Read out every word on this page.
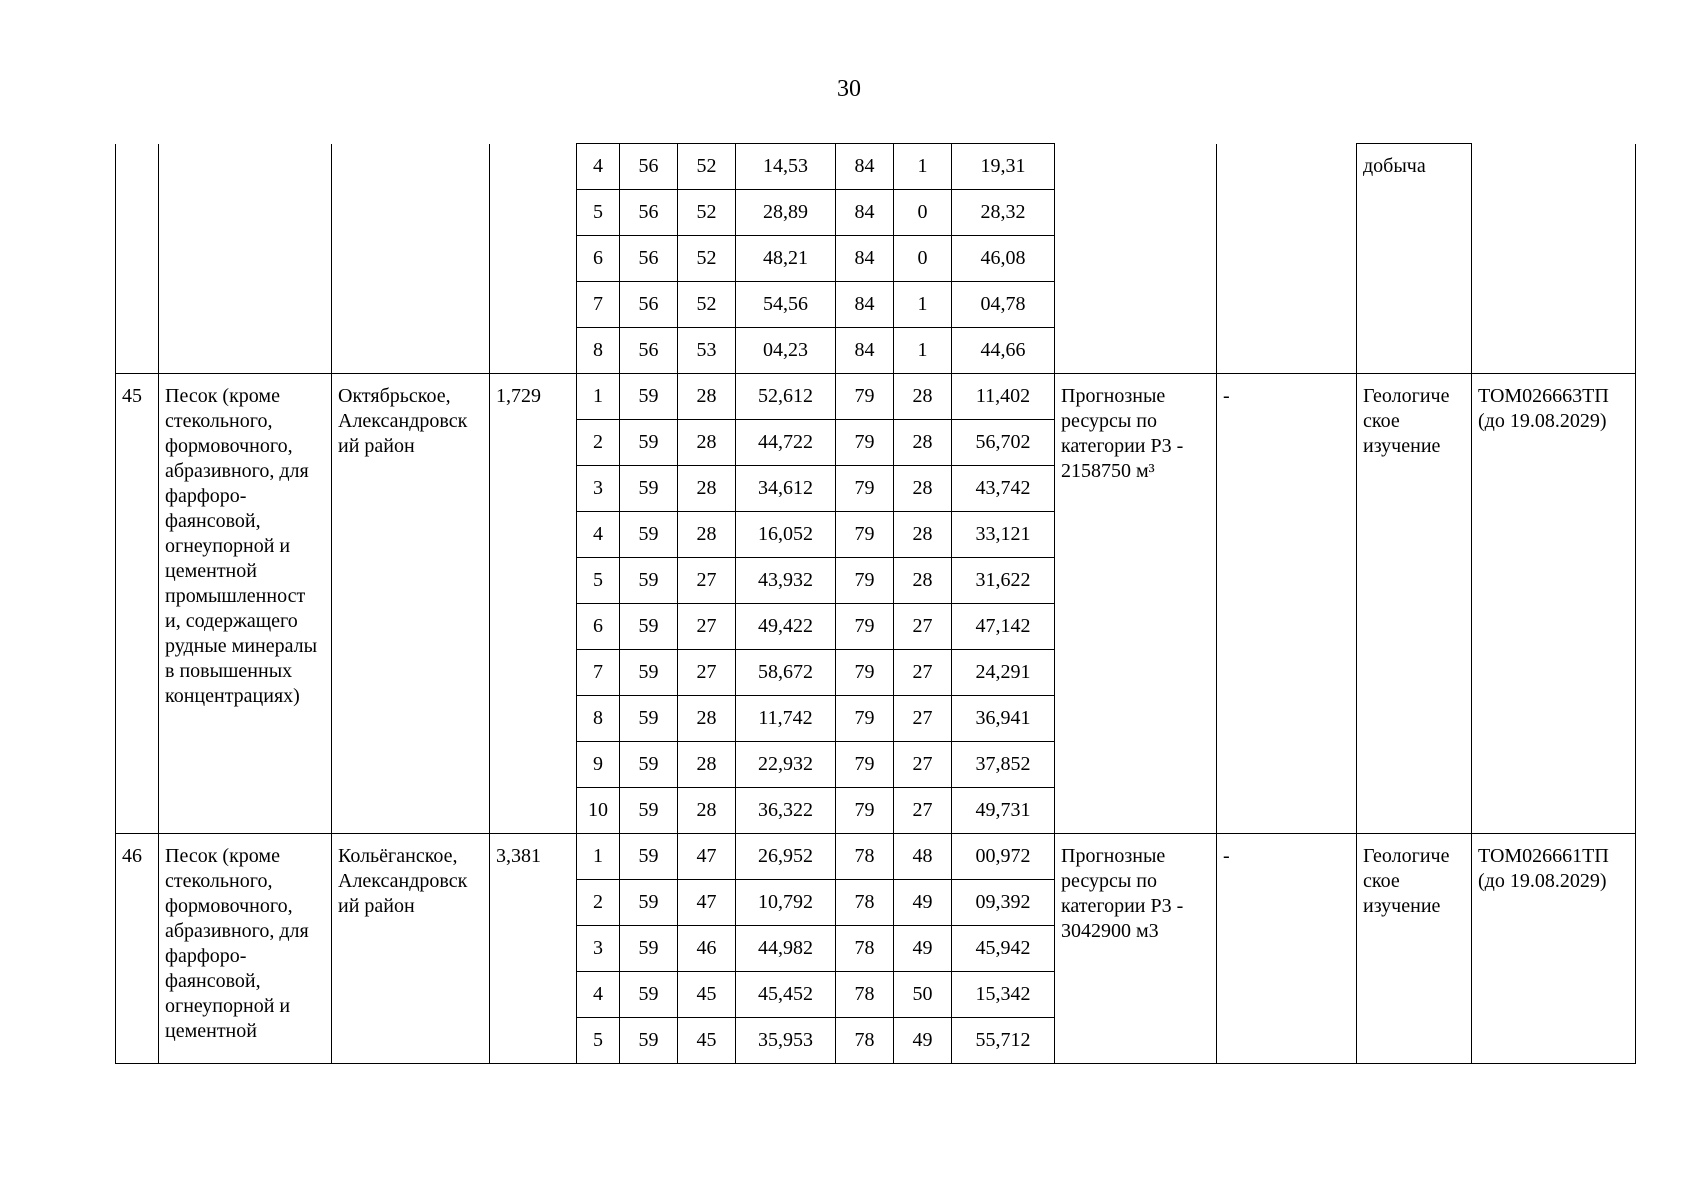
30
				4	56	52	14,53	84	1	19,31			добыча	
				5	56	52	28,89	84	0	28,32				
				6	56	52	48,21	84	0	46,08				
				7	56	52	54,56	84	1	04,78				
				8	56	53	04,23	84	1	44,66				
45	Песок (кроме стекольного, формовочного, абразивного, для фарфоро-фаянсовой, огнеупорной и цементной промышленност и, содержащего рудные минералы в повышенных концентрациях)	Октябрьское, Александровск ий район	1,729	1	59	28	52,612	79	28	11,402	Прогнозные ресурсы по категории Р3 - 2158750 м³	-	Геологиче ское изучение	ТОМ026663ТП (до 19.08.2029)
				2	59	28	44,722	79	28	56,702				
				3	59	28	34,612	79	28	43,742				
				4	59	28	16,052	79	28	33,121				
				5	59	27	43,932	79	28	31,622				
				6	59	27	49,422	79	27	47,142				
				7	59	27	58,672	79	27	24,291				
				8	59	28	11,742	79	27	36,941				
				9	59	28	22,932	79	27	37,852				
				10	59	28	36,322	79	27	49,731				
46	Песок (кроме стекольного, формовочного, абразивного, для фарфоро-фаянсовой, огнеупорной и цементной	Кольёганское, Александровск ий район	3,381	1	59	47	26,952	78	48	00,972	Прогнозные ресурсы по категории Р3 - 3042900 м3	-	Геологиче ское изучение	ТОМ026661ТП (до 19.08.2029)
				2	59	47	10,792	78	49	09,392				
				3	59	46	44,982	78	49	45,942				
				4	59	45	45,452	78	50	15,342				
				5	59	45	35,953	78	49	55,712				
